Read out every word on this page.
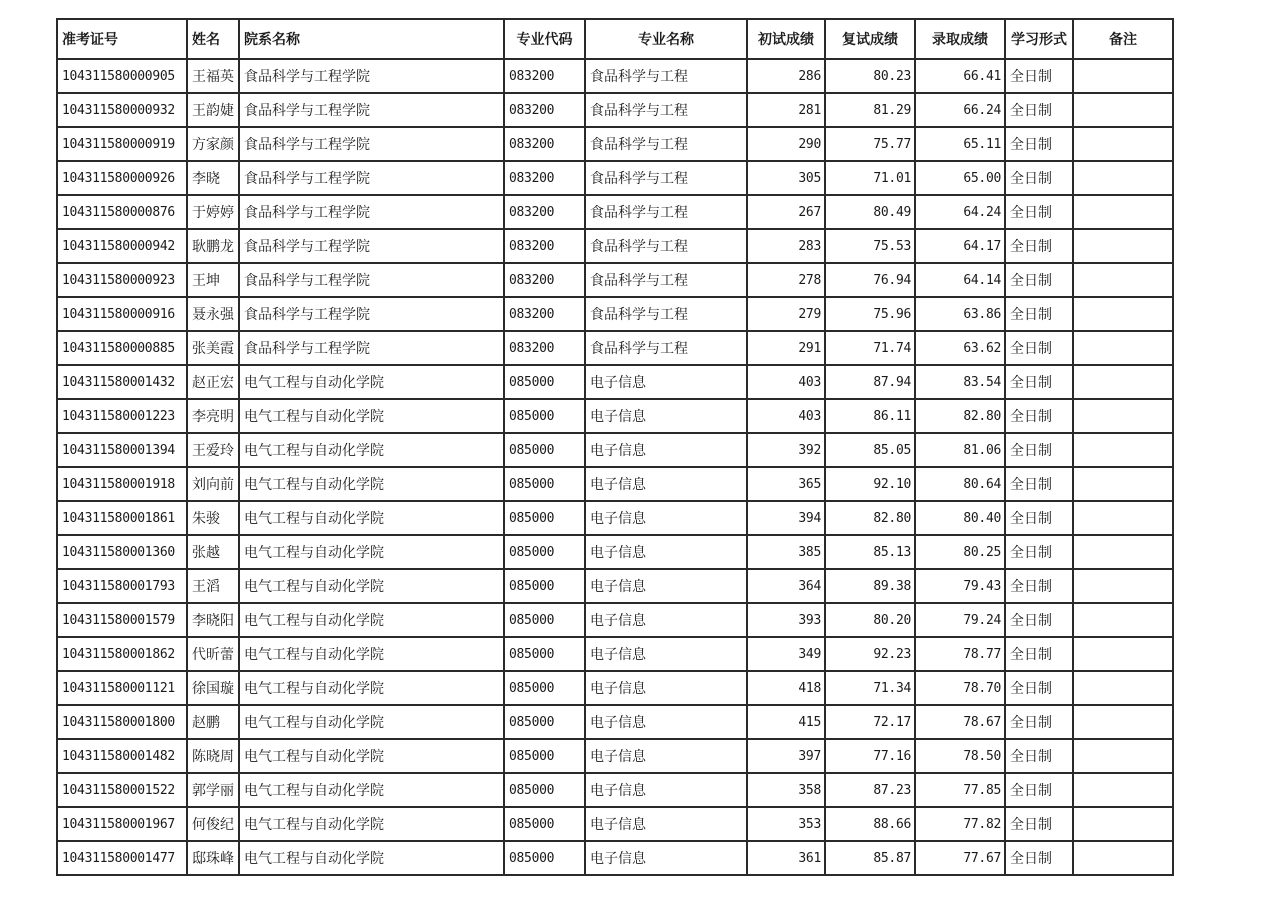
准考证号	姓名	院系名称	专业代码	专业名称	初试成绩	复试成绩	录取成绩	学习形式	备注
104311580000905	王福英	食品科学与工程学院	083200	食品科学与工程	286	80.23	66.41	全日制	
104311580000932	王韵婕	食品科学与工程学院	083200	食品科学与工程	281	81.29	66.24	全日制	
104311580000919	方家颜	食品科学与工程学院	083200	食品科学与工程	290	75.77	65.11	全日制	
104311580000926	李晓	食品科学与工程学院	083200	食品科学与工程	305	71.01	65.00	全日制	
104311580000876	于婷婷	食品科学与工程学院	083200	食品科学与工程	267	80.49	64.24	全日制	
104311580000942	耿鹏龙	食品科学与工程学院	083200	食品科学与工程	283	75.53	64.17	全日制	
104311580000923	王坤	食品科学与工程学院	083200	食品科学与工程	278	76.94	64.14	全日制	
104311580000916	聂永强	食品科学与工程学院	083200	食品科学与工程	279	75.96	63.86	全日制	
104311580000885	张美霞	食品科学与工程学院	083200	食品科学与工程	291	71.74	63.62	全日制	
104311580001432	赵正宏	电气工程与自动化学院	085000	电子信息	403	87.94	83.54	全日制	
104311580001223	李亮明	电气工程与自动化学院	085000	电子信息	403	86.11	82.80	全日制	
104311580001394	王爱玲	电气工程与自动化学院	085000	电子信息	392	85.05	81.06	全日制	
104311580001918	刘向前	电气工程与自动化学院	085000	电子信息	365	92.10	80.64	全日制	
104311580001861	朱骏	电气工程与自动化学院	085000	电子信息	394	82.80	80.40	全日制	
104311580001360	张越	电气工程与自动化学院	085000	电子信息	385	85.13	80.25	全日制	
104311580001793	王滔	电气工程与自动化学院	085000	电子信息	364	89.38	79.43	全日制	
104311580001579	李晓阳	电气工程与自动化学院	085000	电子信息	393	80.20	79.24	全日制	
104311580001862	代昕蕾	电气工程与自动化学院	085000	电子信息	349	92.23	78.77	全日制	
104311580001121	徐国璇	电气工程与自动化学院	085000	电子信息	418	71.34	78.70	全日制	
104311580001800	赵鹏	电气工程与自动化学院	085000	电子信息	415	72.17	78.67	全日制	
104311580001482	陈晓周	电气工程与自动化学院	085000	电子信息	397	77.16	78.50	全日制	
104311580001522	郭学丽	电气工程与自动化学院	085000	电子信息	358	87.23	77.85	全日制	
104311580001967	何俊纪	电气工程与自动化学院	085000	电子信息	353	88.66	77.82	全日制	
104311580001477	邸珠峰	电气工程与自动化学院	085000	电子信息	361	85.87	77.67	全日制	
